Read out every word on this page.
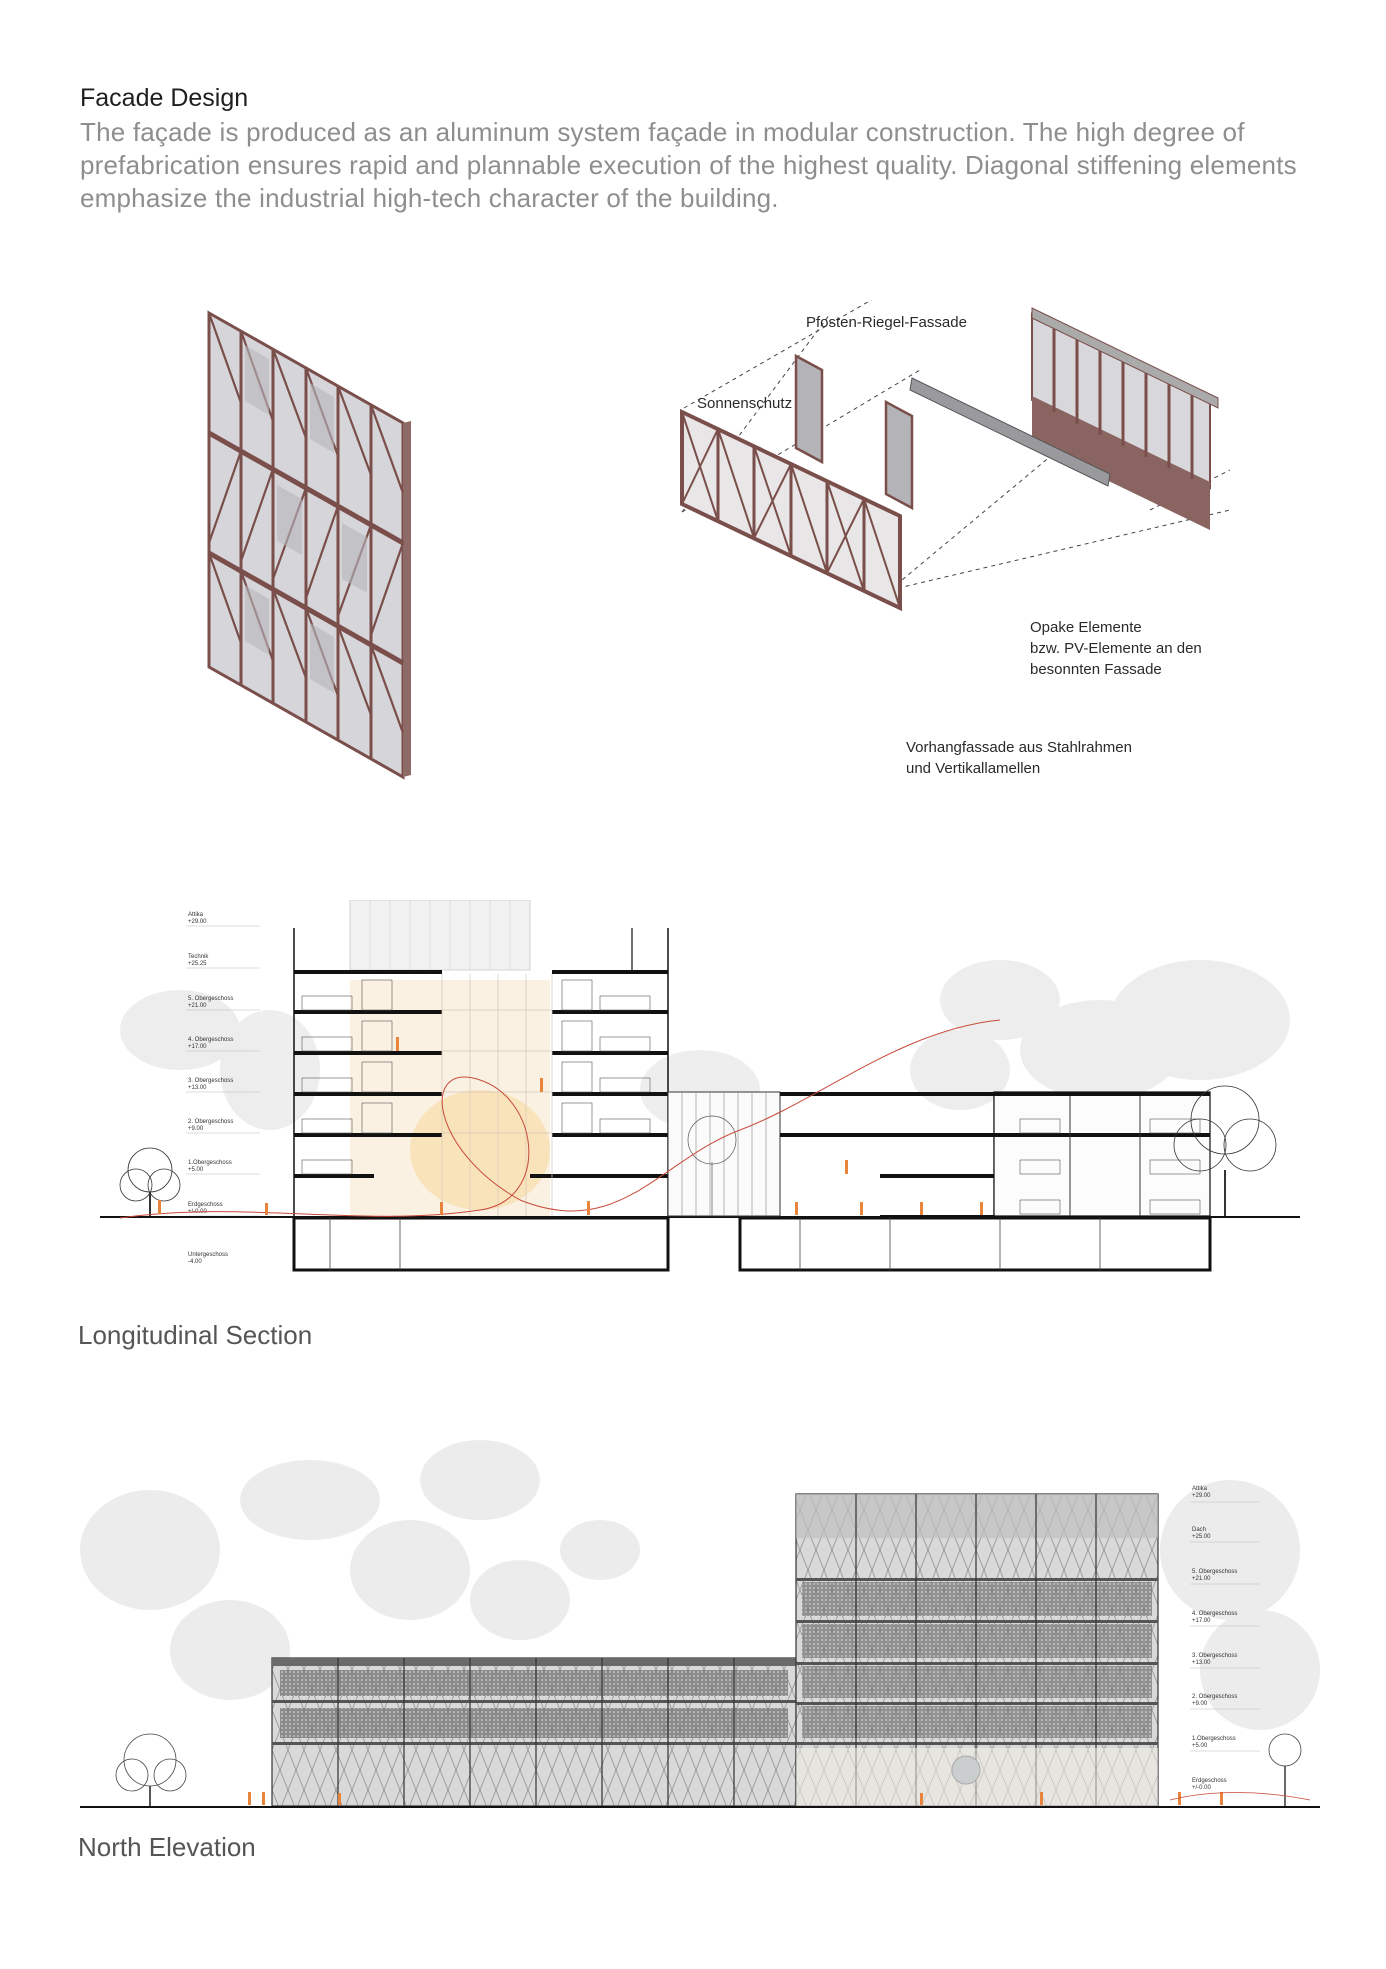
Facade Design

The façade is produced as an aluminum system façade in modular construction. The high degree of prefabrication ensures rapid and plannable execution of the highest quality. Diagonal stiffening elements emphasize the industrial high-tech character of the building.

Pfosten-Riegel-Fassade
Sonnenschutz
Opake Elemente
bzw. PV-Elemente an den
besonnten Fassade
Vorhangfassade aus Stahlrahmen
und Vertikallamellen
Attika
+29.00
Technik
+25.25
5. Obergeschoss
+21.00
4. Obergeschoss
+17.00
3. Obergeschoss
+13.00
2. Obergeschoss
+9.00
1.Obergeschoss
+5.00
Erdgeschoss
+/-0.00
Untergeschoss
-4.00
Longitudinal Section
Attika
+29.00
Dach
+25.00
5. Obergeschoss
+21.00
4. Obergeschoss
+17.00
3. Obergeschoss
+13.00
2. Obergeschoss
+9.00
1.Obergeschoss
+5.00
Erdgeschoss
+/-0.00
North Elevation
